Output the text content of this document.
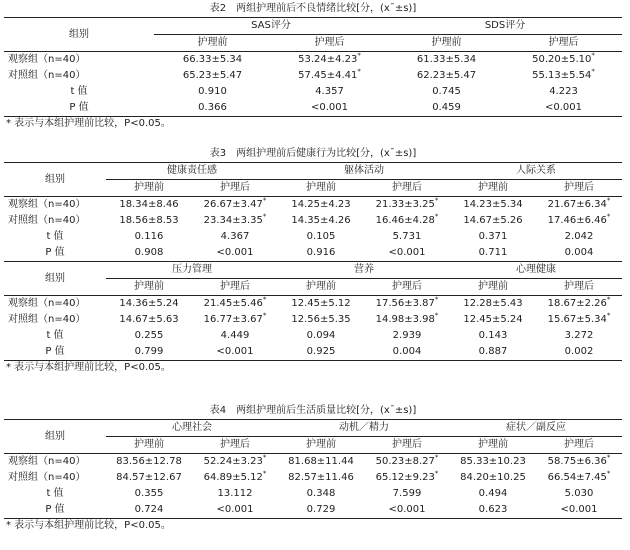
表2　两组护理前后不良情绪比较[分，(x¯±s)]
组别	SAS评分		SDS评分	
	护理前	护理后	护理前	护理后
观察组（n=40）	66.33±5.34	53.24±4.23*	61.33±5.34	50.20±5.10*
对照组（n=40）	65.23±5.47	57.45±4.41*	62.23±5.47	55.13±5.54*
t 值	0.910	4.357	0.745	4.223
P 值	0.366	<0.001	0.459	<0.001
* 表示与本组护理前比较，P<0.05。
表3　两组护理前后健康行为比较[分，(x¯±s)]
组别	健康责任感		躯体活动		人际关系	
	护理前	护理后	护理前	护理后	护理前	护理后
观察组（n=40）	18.34±8.46	26.67±3.47*	14.25±4.23	21.33±3.25*	14.23±5.34	21.67±6.34*
对照组（n=40）	18.56±8.53	23.34±3.35*	14.35±4.26	16.46±4.28*	14.67±5.26	17.46±6.46*
t 值	0.116	4.367	0.105	5.731	0.371	2.042
P 值	0.908	<0.001	0.916	<0.001	0.711	0.004
组别	压力管理		营养		心理健康	
	护理前	护理后	护理前	护理后	护理前	护理后
观察组（n=40）	14.36±5.24	21.45±5.46*	12.45±5.12	17.56±3.87*	12.28±5.43	18.67±2.26*
对照组（n=40）	14.67±5.63	16.77±3.67*	12.56±5.35	14.98±3.98*	12.45±5.24	15.67±5.34*
t 值	0.255	4.449	0.094	2.939	0.143	3.272
P 值	0.799	<0.001	0.925	0.004	0.887	0.002
* 表示与本组护理前比较，P<0.05。
表4　两组护理前后生活质量比较[分，(x¯±s)]
组别	心理社会		动机／精力		症状／副反应	
	护理前	护理后	护理前	护理后	护理前	护理后
观察组（n=40）	83.56±12.78	52.24±3.23*	81.68±11.44	50.23±8.27*	85.33±10.23	58.75±6.36*
对照组（n=40）	84.57±12.67	64.89±5.12*	82.57±11.46	65.12±9.23*	84.20±10.25	66.54±7.45*
t 值	0.355	13.112	0.348	7.599	0.494	5.030
P 值	0.724	<0.001	0.729	<0.001	0.623	<0.001
* 表示与本组护理前比较，P<0.05。
